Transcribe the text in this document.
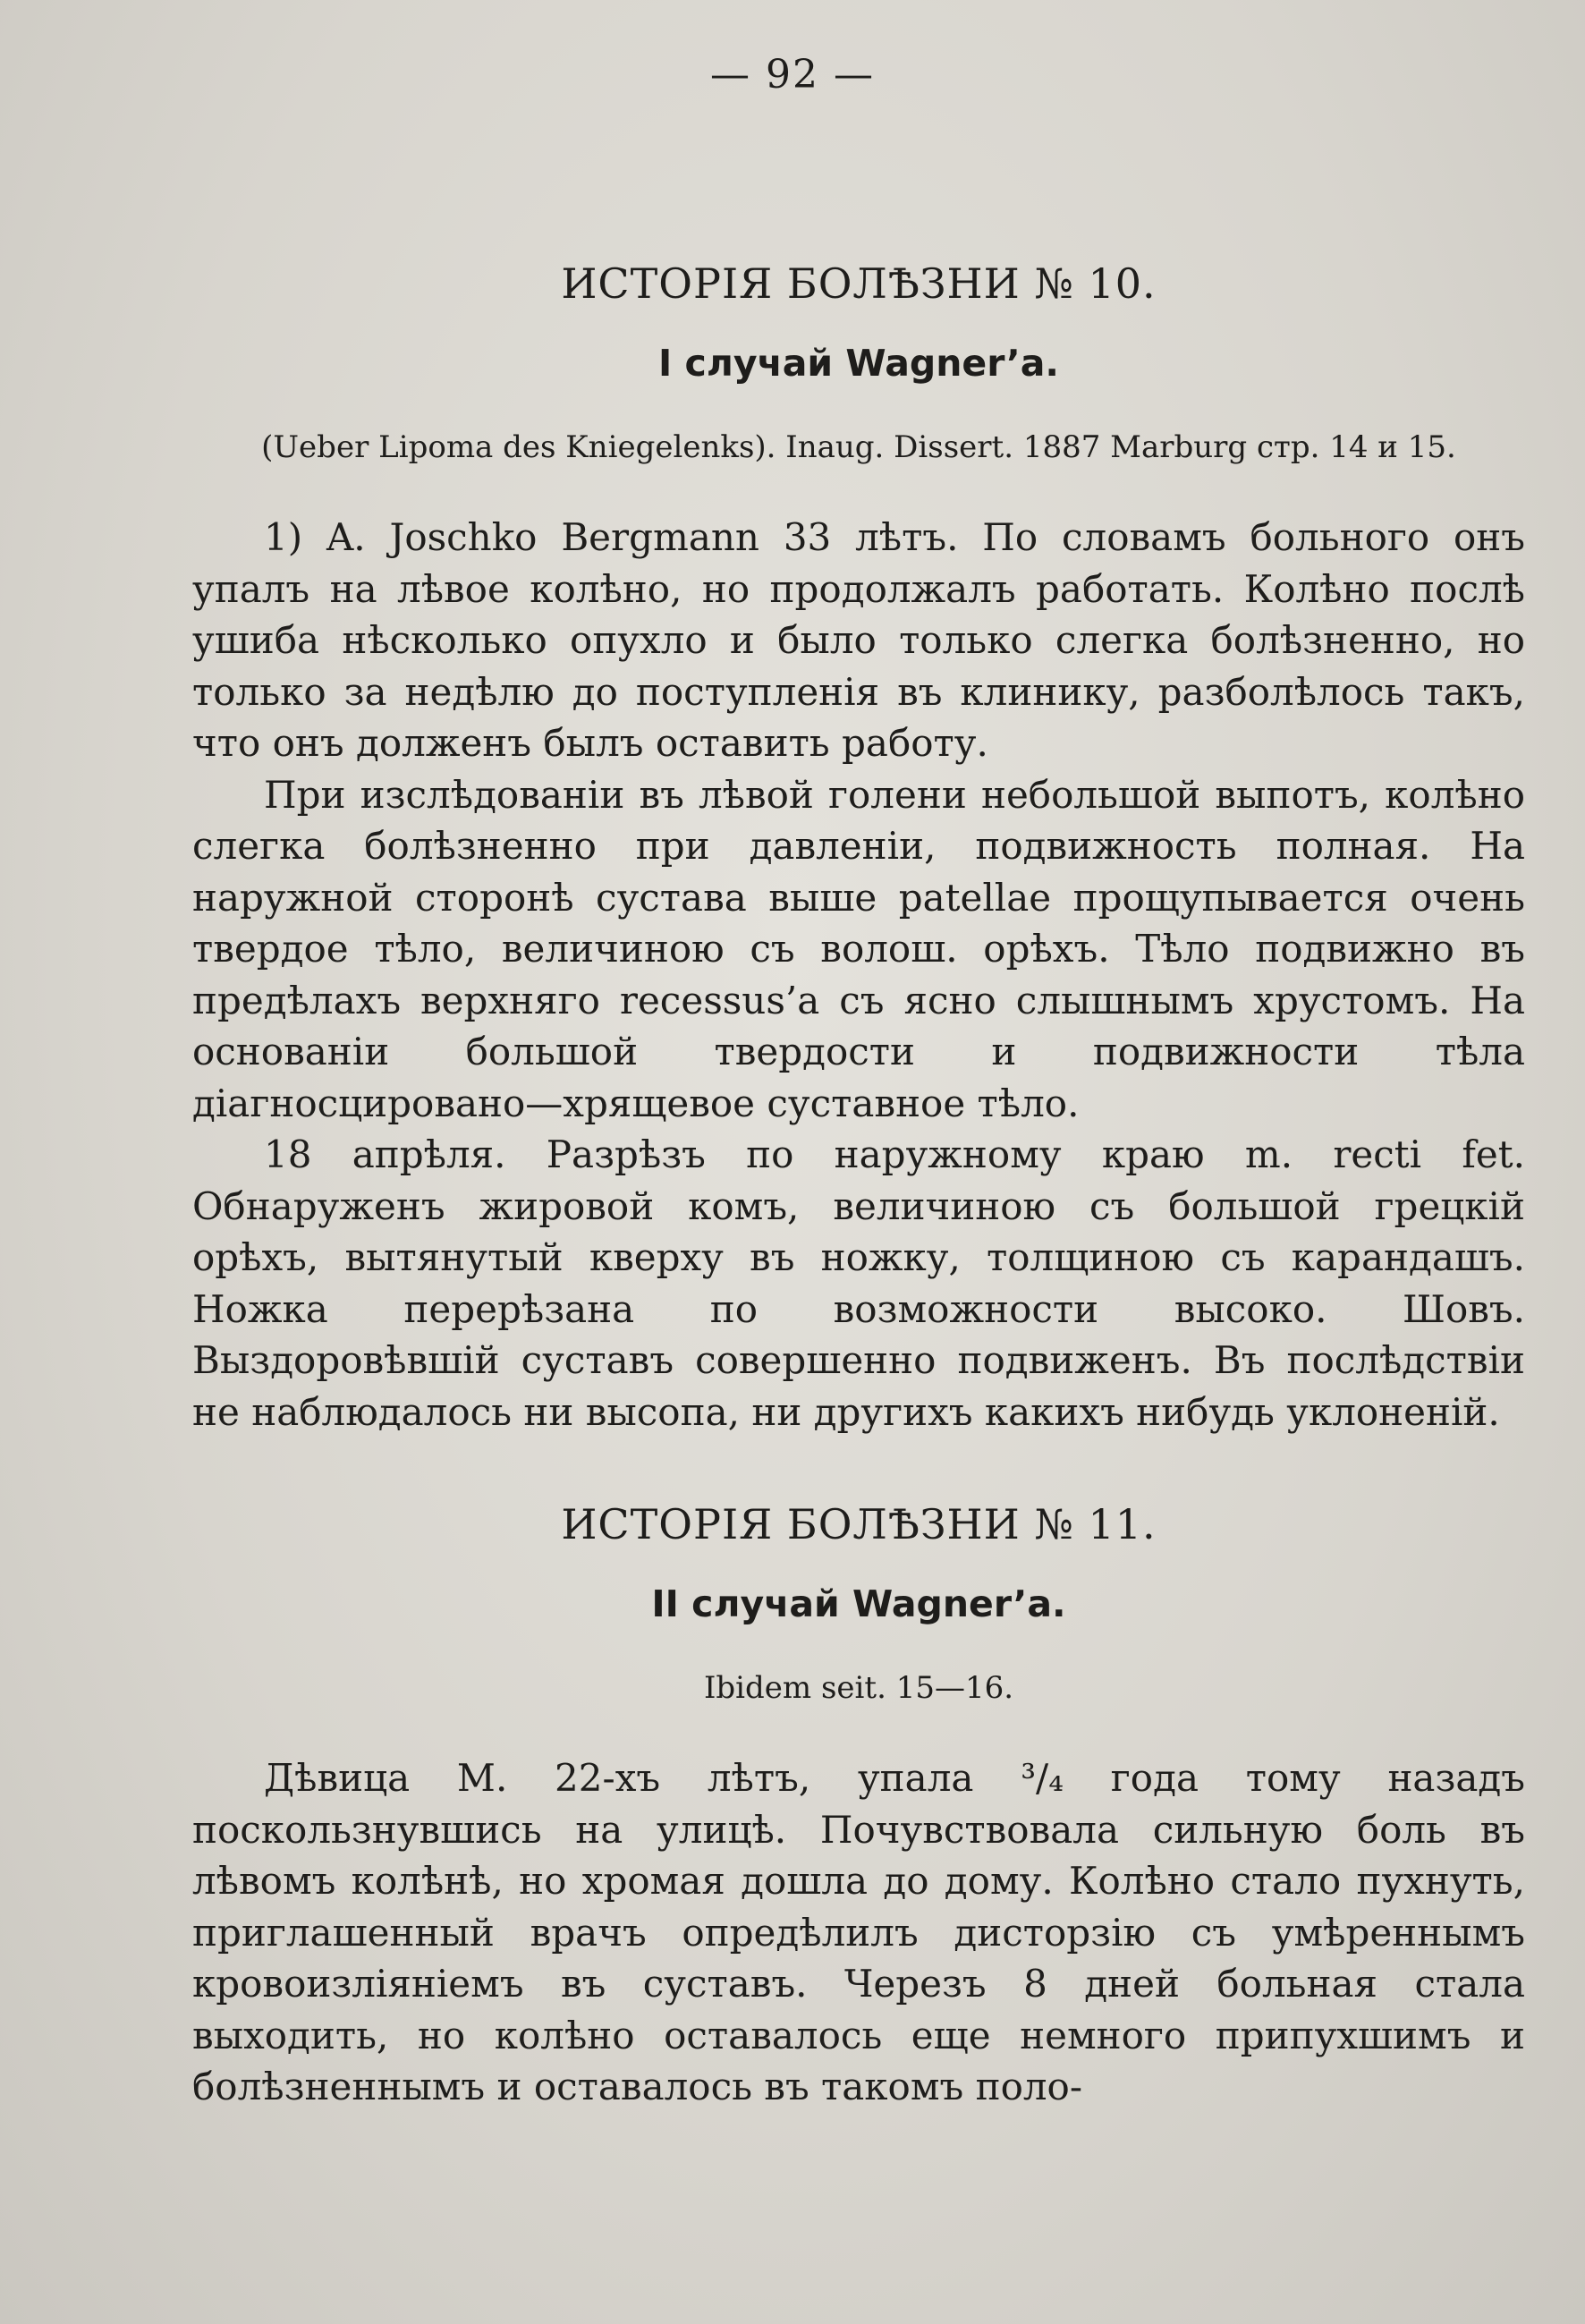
— 92 —
ИСТОРІЯ БОЛѢЗНИ № 10.
I случай Wagner’a.
(Ueber Lipoma des Kniegelenks). Inaug. Dissert. 1887 Marburg стр. 14 и 15.

1) A. Joschko Bergmann 33 лѣтъ. По словамъ больного онъ упалъ на лѣвое колѣно, но продолжалъ работать. Колѣно послѣ ушиба нѣсколько опухло и было только слегка болѣзненно, но только за недѣлю до поступленія въ клинику, разболѣлось такъ, что онъ долженъ былъ оставить работу.

При изслѣдованіи въ лѣвой голени небольшой выпотъ, колѣно слегка болѣзненно при давленіи, подвижность полная. На наружной сторонѣ сустава выше patellae прощупывается очень твердое тѣло, величиною съ волош. орѣхъ. Тѣло подвижно въ предѣлахъ верхняго recessus’a съ ясно слышнымъ хрустомъ. На основаніи большой твердости и подвижности тѣла діагносцировано—хрящевое суставное тѣло.

18 апрѣля. Разрѣзъ по наружному краю m. recti fet. Обнаруженъ жировой комъ, величиною съ большой грецкій орѣхъ, вытянутый кверху въ ножку, толщиною съ карандашъ. Ножка перерѣзана по возможности высоко. Шовъ. Выздоровѣвшій суставъ совершенно подвиженъ. Въ послѣдствіи не наблюдалось ни высопа, ни другихъ какихъ нибудь уклоненій.

ИСТОРІЯ БОЛѢЗНИ № 11.
II случай Wagner’a.
Ibidem seit. 15—16.

Дѣвица М. 22-хъ лѣтъ, упала ³/₄ года тому назадъ поскользнувшись на улицѣ. Почувствовала сильную боль въ лѣвомъ колѣнѣ, но хромая дошла до дому. Колѣно стало пухнуть, приглашенный врачъ опредѣлилъ дисторзію съ умѣреннымъ кровоизліяніемъ въ суставъ. Черезъ 8 дней больная стала выходить, но колѣно оставалось еще немного припухшимъ и болѣзненнымъ и оставалось въ такомъ поло-
